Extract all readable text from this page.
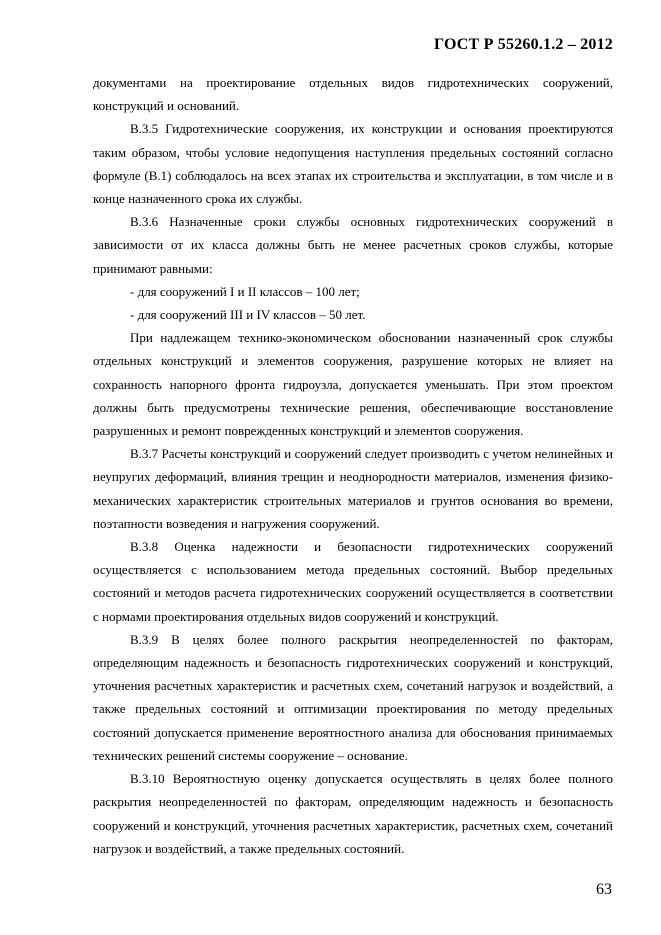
ГОСТ Р 55260.1.2 – 2012

документами на проектирование отдельных видов гидротехнических сооружений, конструкций и оснований.

В.3.5 Гидротехнические сооружения, их конструкции и основания проектируются таким образом, чтобы условие недопущения наступления предельных состояний согласно формуле (В.1) соблюдалось на всех этапах их строительства и эксплуатации, в том числе и в конце назначенного срока их службы.

В.3.6 Назначенные сроки службы основных гидротехнических сооружений в зависимости от их класса должны быть не менее расчетных сроков службы, которые принимают равными:

- для сооружений I и II классов – 100 лет;

- для сооружений III и IV классов – 50 лет.

При надлежащем технико-экономическом обосновании назначенный срок службы отдельных конструкций и элементов сооружения, разрушение которых не влияет на сохранность напорного фронта гидроузла, допускается уменьшать. При этом проектом должны быть предусмотрены технические решения, обеспечивающие восстановление разрушенных и ремонт поврежденных конструкций и элементов сооружения.

В.3.7 Расчеты конструкций и сооружений следует производить с учетом нелинейных и неупругих деформаций, влияния трещин и неоднородности материалов, изменения физико-механических характеристик строительных материалов и грунтов основания во времени, поэтапности возведения и нагружения сооружений.

В.3.8 Оценка надежности и безопасности гидротехнических сооружений осуществляется с использованием метода предельных состояний. Выбор предельных состояний и методов расчета гидротехнических сооружений осуществляется в соответствии с нормами проектирования отдельных видов сооружений и конструкций.

В.3.9 В целях более полного раскрытия неопределенностей по факторам, определяющим надежность и безопасность гидротехнических сооружений и конструкций, уточнения расчетных характеристик и расчетных схем, сочетаний нагрузок и воздействий, а также предельных состояний и оптимизации проектирования по методу предельных состояний допускается применение вероятностного анализа для обоснования принимаемых технических решений системы сооружение – основание.

В.3.10 Вероятностную оценку допускается осуществлять в целях более полного раскрытия неопределенностей по факторам, определяющим надежность и безопасность сооружений и конструкций, уточнения расчетных характеристик, расчетных схем, сочетаний нагрузок и воздействий, а также предельных состояний.

63
